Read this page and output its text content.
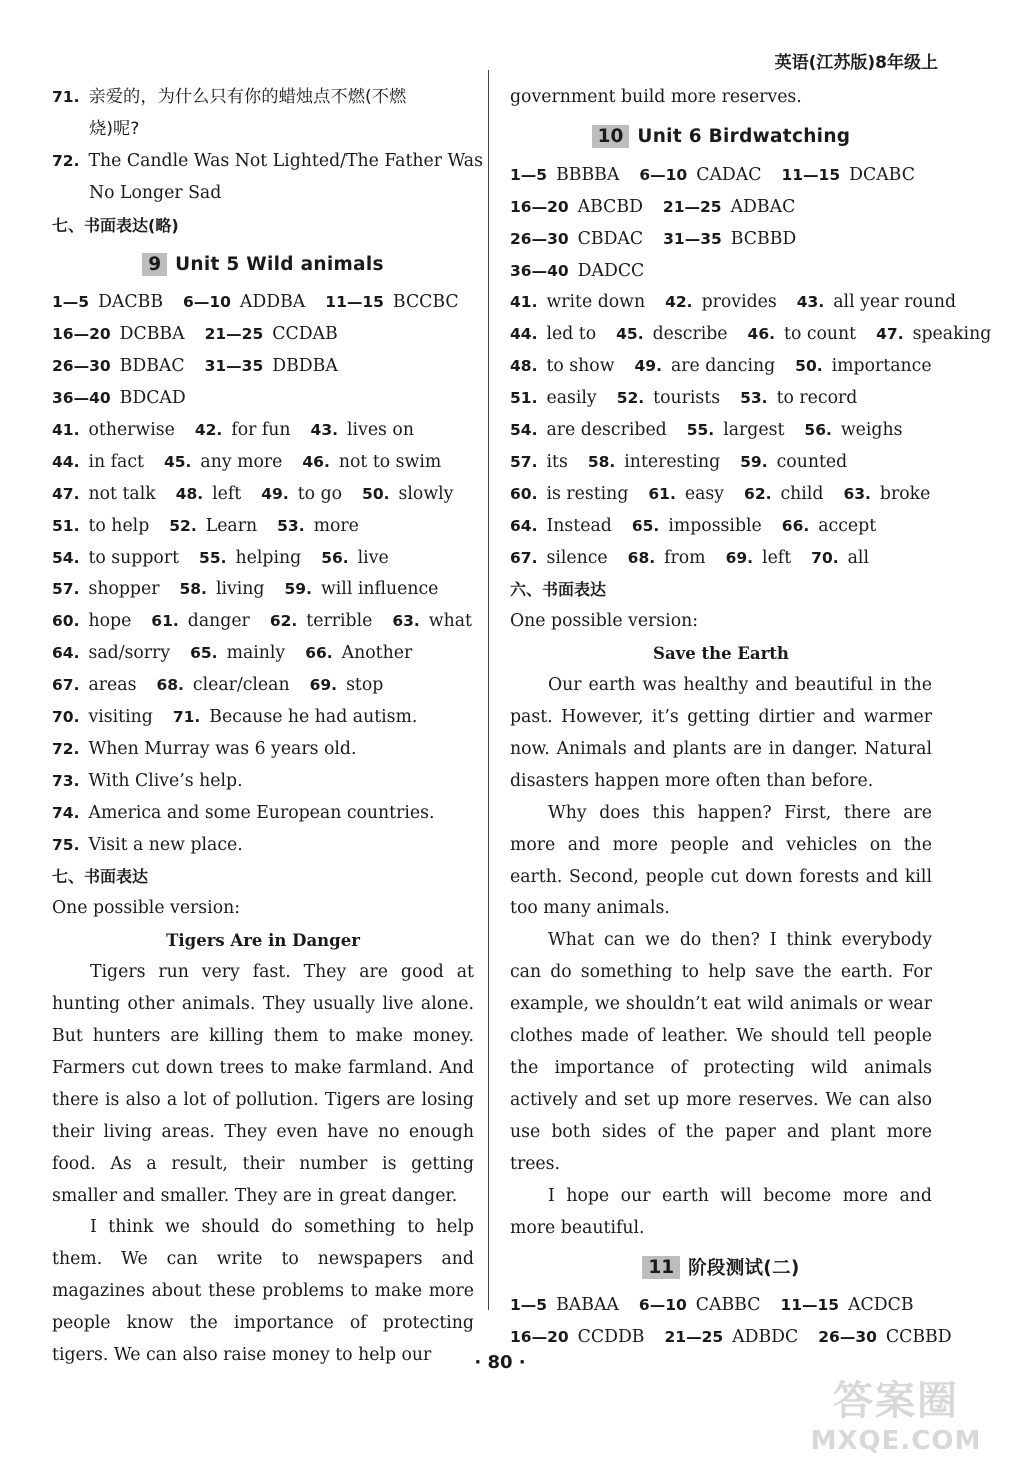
英语(江苏版)8年级上
71. 亲爱的，为什么只有你的蜡烛点不燃(不燃
烧)呢?
72. The Candle Was Not Lighted/The Father Was
No Longer Sad
七、书面表达(略)
9 Unit 5 Wild animals
1—5 DACBB 6—10 ADDBA 11—15 BCCBC
16—20 DCBBA 21—25 CCDAB
26—30 BDBAC 31—35 DBDBA
36—40 BDCAD
41. otherwise 42. for fun 43. lives on
44. in fact 45. any more 46. not to swim
47. not talk 48. left 49. to go 50. slowly
51. to help 52. Learn 53. more
54. to support 55. helping 56. live
57. shopper 58. living 59. will influence
60. hope 61. danger 62. terrible 63. what
64. sad/sorry 65. mainly 66. Another
67. areas 68. clear/clean 69. stop
70. visiting 71. Because he had autism.
72. When Murray was 6 years old.
73. With Clive’s help.
74. America and some European countries.
75. Visit a new place.
七、书面表达
One possible version:
Tigers Are in Danger

Tigers run very fast. They are good at hunting other animals. They usually live alone. But hunters are killing them to make money. Farmers cut down trees to make farmland. And there is also a lot of pollution. Tigers are losing their living areas. They even have no enough food. As a result, their number is getting smaller and smaller. They are in great danger.

I think we should do something to help them. We can write to newspapers and magazines about these problems to make more people know the importance of protecting tigers. We can also raise money to help our

government build more reserves.
10 Unit 6 Birdwatching
1—5 BBBBA 6—10 CADAC 11—15 DCABC
16—20 ABCBD 21—25 ADBAC
26—30 CBDAC 31—35 BCBBD
36—40 DADCC
41. write down 42. provides 43. all year round
44. led to 45. describe 46. to count 47. speaking
48. to show 49. are dancing 50. importance
51. easily 52. tourists 53. to record
54. are described 55. largest 56. weighs
57. its 58. interesting 59. counted
60. is resting 61. easy 62. child 63. broke
64. Instead 65. impossible 66. accept
67. silence 68. from 69. left 70. all
六、书面表达
One possible version:
Save the Earth

Our earth was healthy and beautiful in the past. However, it’s getting dirtier and warmer now. Animals and plants are in danger. Natural disasters happen more often than before.

Why does this happen? First, there are more and more people and vehicles on the earth. Second, people cut down forests and kill too many animals.

What can we do then? I think everybody can do something to help save the earth. For example, we shouldn’t eat wild animals or wear clothes made of leather. We should tell people the importance of protecting wild animals actively and set up more reserves. We can also use both sides of the paper and plant more trees.

I hope our earth will become more and more beautiful.

11 阶段测试(二)
1—5 BABAA 6—10 CABBC 11—15 ACDCB
16—20 CCDDB 21—25 ADBDC 26—30 CCBBD
· 80 ·
答案圈
MXQE.COM
